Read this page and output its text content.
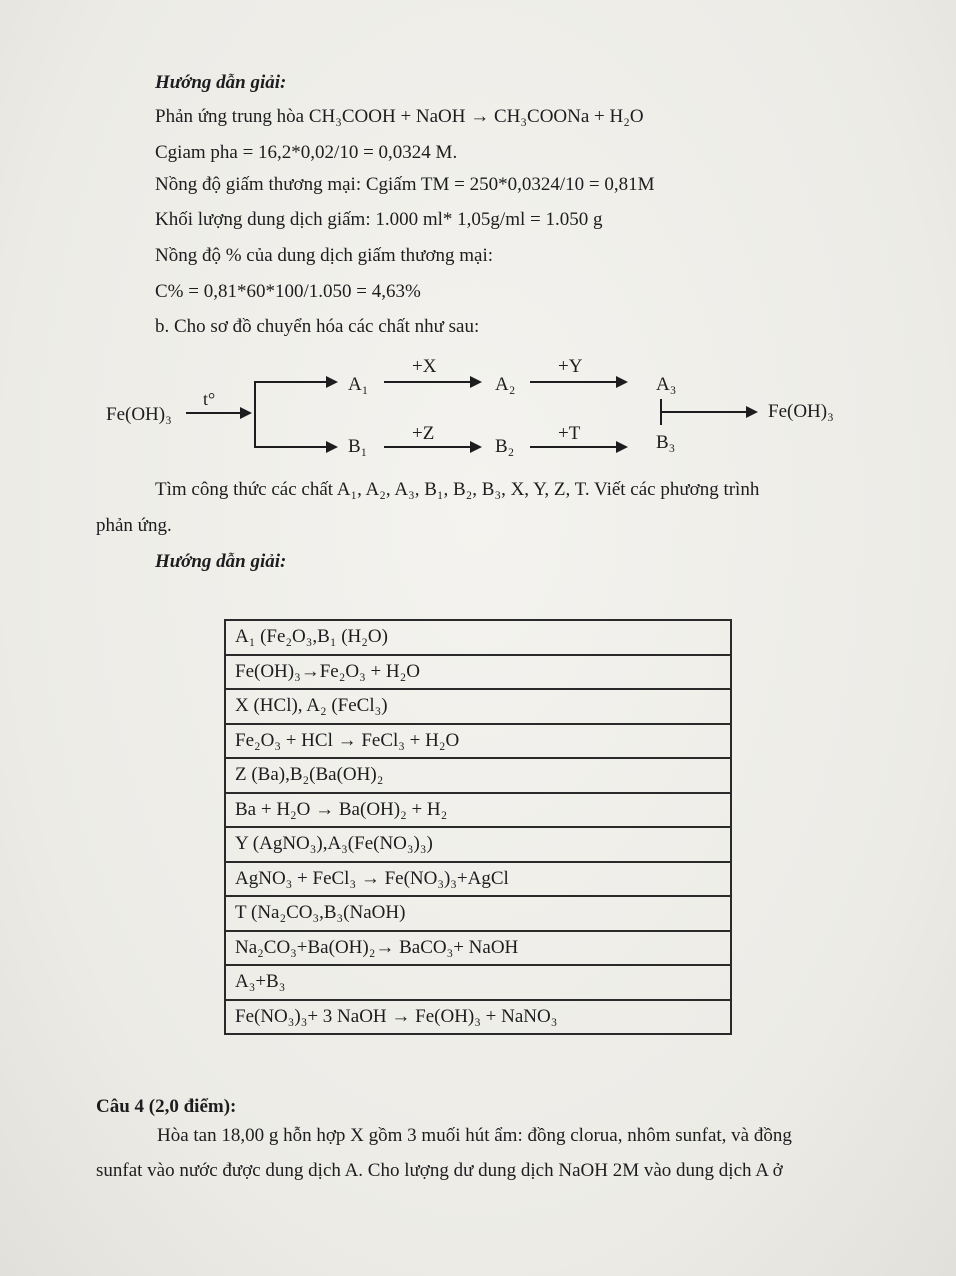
Hướng dẫn giải:
Phản ứng trung hòa CH₃COOH + NaOH → CH₃COONa + H₂O
Cgiam pha = 16,2*0,02/10 = 0,0324 M.
Nồng độ giấm thương mại: Cgiấm TM = 250*0,0324/10 = 0,81M
Khối lượng dung dịch giấm: 1.000 ml* 1,05g/ml = 1.050 g
Nồng độ % của dung dịch giấm thương mại:
C% = 0,81*60*100/1.050 = 4,63%
b. Cho sơ đồ chuyển hóa các chất như sau:
Fe(OH)₃
t°
A₁
+X
A₂
+Y
A₃
B₁
+Z
B₂
+T	B₃
Fe(OH)₃
Tìm công thức các chất A₁, A₂, A₃, B₁, B₂, B₃, X, Y, Z, T. Viết các phương trình
phản ứng.
Hướng dẫn giải:
A₁ (Fe₂O₃,B₁ (H₂O)
Fe(OH)₃→Fe₂O₃ + H₂O
X (HCl), A₂ (FeCl₃)
Fe₂O₃ + HCl → FeCl₃ + H₂O
Z (Ba),B₂(Ba(OH)₂
Ba + H₂O → Ba(OH)₂ + H₂
Y (AgNO₃),A₃(Fe(NO₃)₃)
AgNO₃ + FeCl₃ → Fe(NO₃)₃+AgCl
T (Na₂CO₃,B₃(NaOH)
Na₂CO₃+Ba(OH)₂→ BaCO₃+ NaOH
A₃+B₃
Fe(NO₃)₃+ 3 NaOH → Fe(OH)₃ + NaNO₃
Câu 4 (2,0 điểm):
Hòa tan 18,00 g hỗn hợp X gồm 3 muối hút ẩm: đồng clorua, nhôm sunfat, và đồng
sunfat vào nước được dung dịch A. Cho lượng dư dung dịch NaOH 2M vào dung dịch A ở
